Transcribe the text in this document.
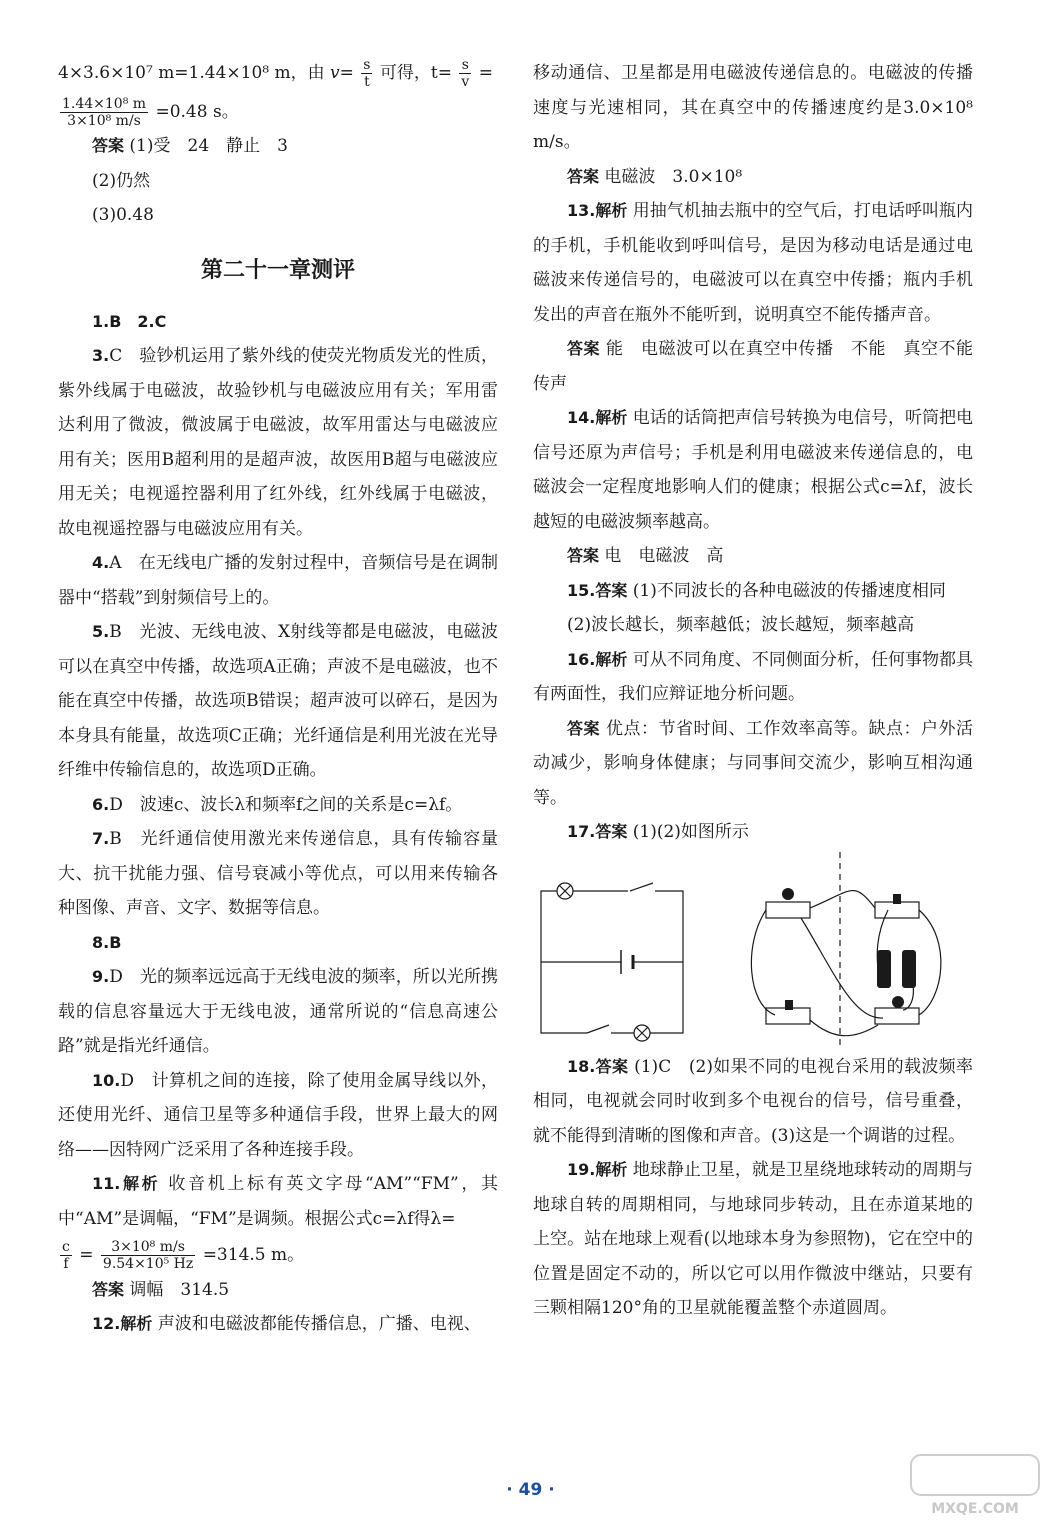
4×3.6×10⁷ m=1.44×10⁸ m，由 $v= \frac{s}{t}$ 可得，$t= \frac{s}{v}$ =

$\frac{\text{1.44×10⁸ m}}{\text{3×10⁸ m/s}} =0.48$ s。

答案 (1)受　24　静止　3

(2)仍然

(3)0.48

第二十一章测评

1.B　2.C

3.C　验钞机运用了紫外线的使荧光物质发光的性质，紫外线属于电磁波，故验钞机与电磁波应用有关；军用雷达利用了微波，微波属于电磁波，故军用雷达与电磁波应用有关；医用B超利用的是超声波，故医用B超与电磁波应用无关；电视遥控器利用了红外线，红外线属于电磁波，故电视遥控器与电磁波应用有关。

4.A　在无线电广播的发射过程中，音频信号是在调制器中“搭载”到射频信号上的。

5.B　光波、无线电波、X射线等都是电磁波，电磁波可以在真空中传播，故选项A正确；声波不是电磁波，也不能在真空中传播，故选项B错误；超声波可以碎石，是因为本身具有能量，故选项C正确；光纤通信是利用光波在光导纤维中传输信息的，故选项D正确。

6.D　波速c、波长λ和频率f之间的关系是c=λf。

7.B　光纤通信使用激光来传递信息，具有传输容量大、抗干扰能力强、信号衰减小等优点，可以用来传输各种图像、声音、文字、数据等信息。

8.B

9.D　光的频率远远高于无线电波的频率，所以光所携载的信息容量远大于无线电波，通常所说的“信息高速公路”就是指光纤通信。

10.D　计算机之间的连接，除了使用金属导线以外，还使用光纤、通信卫星等多种通信手段，世界上最大的网络——因特网广泛采用了各种连接手段。

11.解析 收音机上标有英文字母“AM”“FM”，其中“AM”是调幅，“FM”是调频。根据公式c=λf得λ=

$\frac{c}{f} = \frac{\text{3×10⁸ m/s}}{\text{9.54×10⁵ Hz}} =314.5$ m。

答案 调幅　314.5

12.解析 声波和电磁波都能传播信息，广播、电视、

移动通信、卫星都是用电磁波传递信息的。电磁波的传播速度与光速相同，其在真空中的传播速度约是3.0×10⁸ m/s。

答案 电磁波　3.0×10⁸

13.解析 用抽气机抽去瓶中的空气后，打电话呼叫瓶内的手机，手机能收到呼叫信号，是因为移动电话是通过电磁波来传递信号的，电磁波可以在真空中传播；瓶内手机发出的声音在瓶外不能听到，说明真空不能传播声音。

答案 能　电磁波可以在真空中传播　不能　真空不能传声

14.解析 电话的话筒把声信号转换为电信号，听筒把电信号还原为声信号；手机是利用电磁波来传递信息的，电磁波会一定程度地影响人们的健康；根据公式c=λf，波长越短的电磁波频率越高。

答案 电　电磁波　高

15.答案 (1)不同波长的各种电磁波的传播速度相同

(2)波长越长，频率越低；波长越短，频率越高

16.解析 可从不同角度、不同侧面分析，任何事物都具有两面性，我们应辩证地分析问题。

答案 优点：节省时间、工作效率高等。缺点：户外活动减少，影响身体健康；与同事间交流少，影响互相沟通等。

17.答案 (1)(2)如图所示

18.答案 (1)C　(2)如果不同的电视台采用的载波频率相同，电视就会同时收到多个电视台的信号，信号重叠，就不能得到清晰的图像和声音。(3)这是一个调谐的过程。

19.解析 地球静止卫星，就是卫星绕地球转动的周期与地球自转的周期相同，与地球同步转动，且在赤道某地的上空。站在地球上观看(以地球本身为参照物)，它在空中的位置是固定不动的，所以它可以用作微波中继站，只要有三颗相隔120°角的卫星就能覆盖整个赤道圆周。

· 49 ·
MXQE.COM
